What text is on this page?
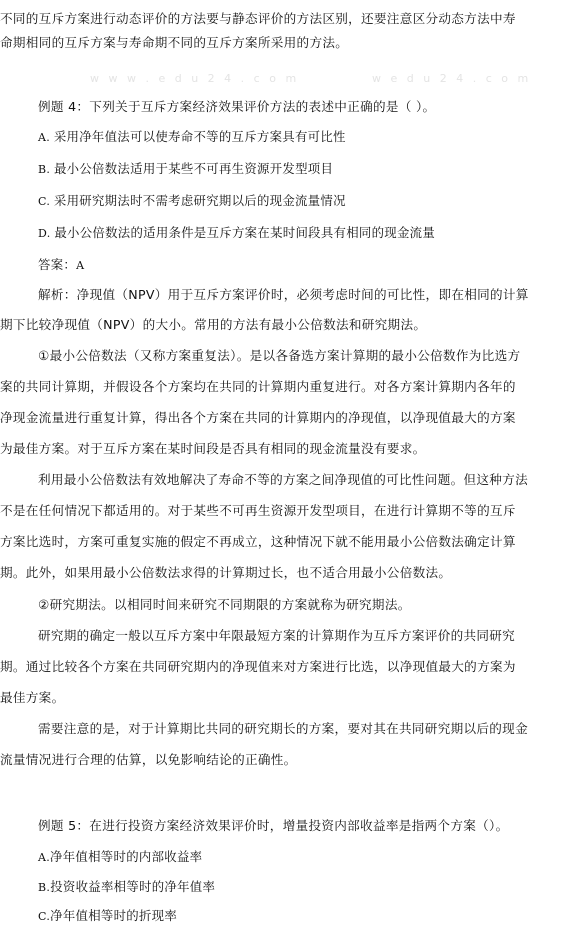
w w w . e d u 2 4 . c o m	w e d u 2 4 . c o m
不同的互斥方案进行动态评价的方法要与静态评价的方法区别，还要注意区分动态方法中寿
命期相同的互斥方案与寿命期不同的互斥方案所采用的方法。
例题 4：下列关于互斥方案经济效果评价方法的表述中正确的是（ ）。
A. 采用净年值法可以使寿命不等的互斥方案具有可比性
B. 最小公倍数法适用于某些不可再生资源开发型项目
C. 采用研究期法时不需考虑研究期以后的现金流量情况
D. 最小公倍数法的适用条件是互斥方案在某时间段具有相同的现金流量
答案：A
解析：净现值（NPV）用于互斥方案评价时，必须考虑时间的可比性，即在相同的计算
期下比较净现值（NPV）的大小。常用的方法有最小公倍数法和研究期法。
①最小公倍数法（又称方案重复法）。是以各备选方案计算期的最小公倍数作为比选方
案的共同计算期，并假设各个方案均在共同的计算期内重复进行。对各方案计算期内各年的
净现金流量进行重复计算，得出各个方案在共同的计算期内的净现值，以净现值最大的方案
为最佳方案。对于互斥方案在某时间段是否具有相同的现金流量没有要求。
利用最小公倍数法有效地解决了寿命不等的方案之间净现值的可比性问题。但这种方法
不是在任何情况下都适用的。对于某些不可再生资源开发型项目，在进行计算期不等的互斥
方案比选时，方案可重复实施的假定不再成立，这种情况下就不能用最小公倍数法确定计算
期。此外，如果用最小公倍数法求得的计算期过长，也不适合用最小公倍数法。
②研究期法。以相同时间来研究不同期限的方案就称为研究期法。
研究期的确定一般以互斥方案中年限最短方案的计算期作为互斥方案评价的共同研究
期。通过比较各个方案在共同研究期内的净现值来对方案进行比选，以净现值最大的方案为
最佳方案。
需要注意的是，对于计算期比共同的研究期长的方案，要对其在共同研究期以后的现金
流量情况进行合理的估算，以免影响结论的正确性。
例题 5：在进行投资方案经济效果评价时，增量投资内部收益率是指两个方案（）。
A.净年值相等时的内部收益率
B.投资收益率相等时的净年值率
C.净年值相等时的折现率
